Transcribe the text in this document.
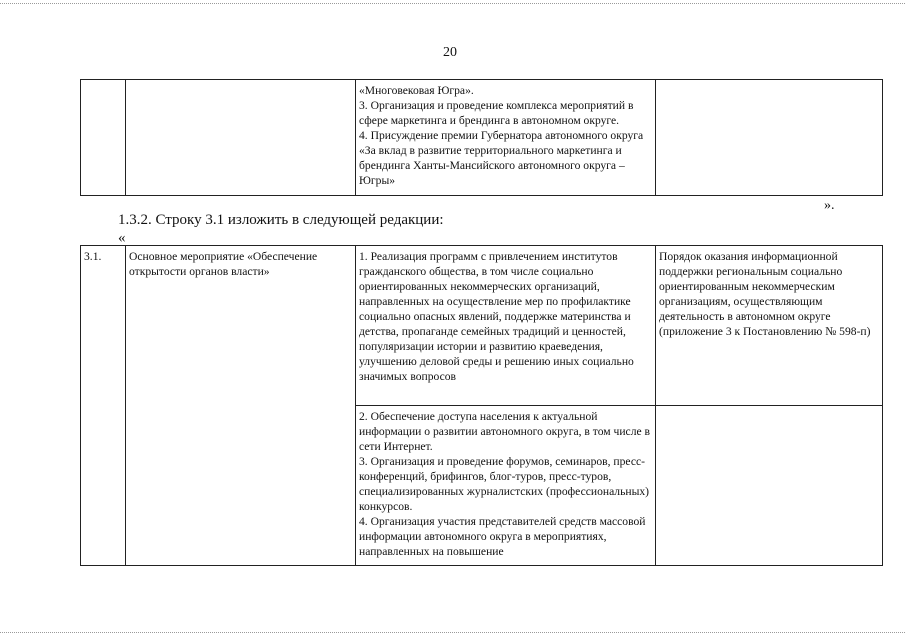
20

«Многовековая Югра».
3. Организация и проведение комплекса мероприятий в сфере маркетинга и брендинга в автономном округе.
4. Присуждение премии Губернатора автономного округа «За вклад в развитие территориального маркетинга и брендинга Ханты-Мансийского автономного округа – Югры»

».
1.3.2. Строку 3.1 изложить в следующей редакции:
«
3.1.	Основное мероприятие «Обеспечение открытости органов власти»	1. Реализация программ с привлечением институтов гражданского общества, в том числе социально ориентированных некоммерческих организаций, направленных на осуществление мер по профилактике социально опасных явлений, поддержке материнства и детства, пропаганде семейных традиций и ценностей, популяризации истории и развитию краеведения, улучшению деловой среды и решению иных социально значимых вопросов	Порядок оказания информационной поддержки региональным социально ориентированным некоммерческим организациям, осуществляющим деятельность в автономном округе (приложение 3 к Постановлению № 598-п)

		2. Обеспечение доступа населения к актуальной информации о развитии автономного округа, в том числе в сети Интернет.
3. Организация и проведение форумов, семинаров, пресс-конференций, брифингов, блог-туров, пресс-туров, специализированных журналистских (профессиональных) конкурсов.
4. Организация участия представителей средств массовой информации автономного округа в мероприятиях, направленных на повышение	
